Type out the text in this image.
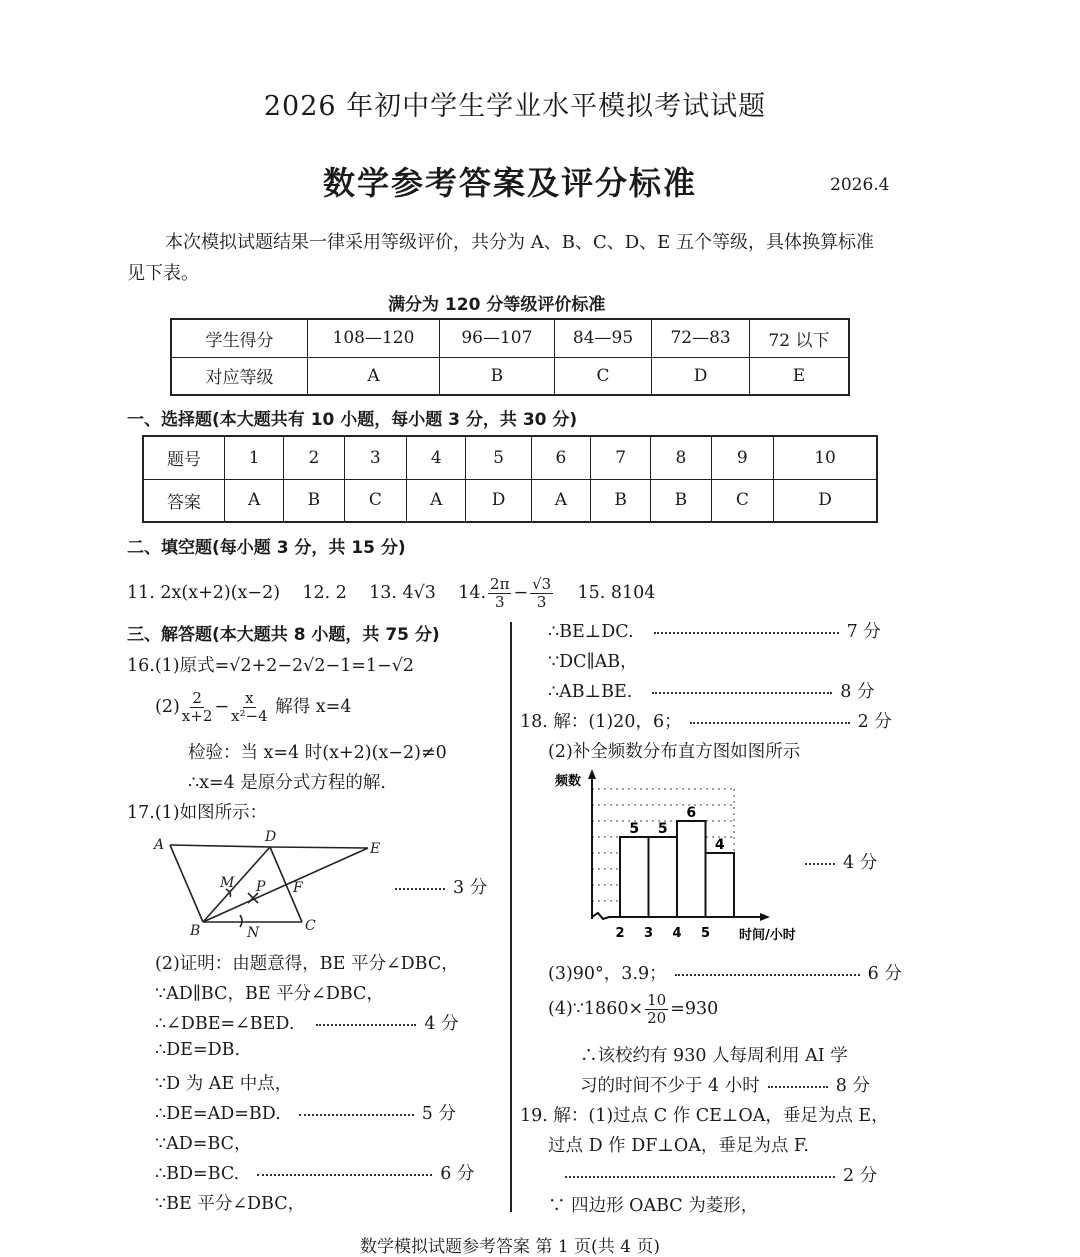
2026 年初中学生学业水平模拟考试试题
数学参考答案及评分标准	2026.4
本次模拟试题结果一律采用等级评价，共分为 A、B、C、D、E 五个等级，具体换算标准
见下表。
满分为 120 分等级评价标准
学生得分	108—120	96—107	84—95	72—83	72 以下
对应等级	A	B	C	D	E
一、选择题(本大题共有 10 小题，每小题 3 分，共 30 分)
题号	1	2	3	4	5	6	7	8	9	10
答案	A	B	C	A	D	A	B	B	C	D
二、填空题(每小题 3 分，共 15 分)
11. 2x(x+2)(x−2) 12. 2 13. 4√3 14. $\frac{2\pi}{3} - \frac{√3}{3} 15$. 8104
三、解答题(本大题共 8 小题，共 75 分)
16.(1)原式=√2+2−2√2−1=1−√2
$(2) \frac{2}{x+2} - \frac{x}{\text{x²−4}}$ 解得 x=4
检验：当 x=4 时(x+2)(x−2)≠0
∴x=4 是原分式方程的解.
17.(1)如图所示：
A	D
E
B	C
F
M
N
P	3 分
(2)证明：由题意得，BE 平分∠DBC，
∵AD∥BC，BE 平分∠DBC，
∴∠DBE=∠BED.	4 分
∴DE=DB.
∵D 为 AE 中点，
∴DE=AD=BD.	5 分
∵AD=BC，
∴BD=BC.	6 分
∵BE 平分∠DBC，
∴BE⊥DC.	7 分
∵DC∥AB，
∴AB⊥BE.	8 分
18. 解：(1)20，6；	2 分
(2)补全频数分布直方图如图所示
5
2
5
3
6
4
4
5
频数
时间/小时
4 分
(3)90°，3.9；	6 分
(4)∵1860× $\frac{10}{20} =930$
∴该校约有 930 人每周利用 AI 学
习的时间不少于 4 小时	8 分
19. 解：(1)过点 C 作 CE⊥OA，垂足为点 E，
过点 D 作 DF⊥OA，垂足为点 F.
2 分
∵ 四边形 OABC 为菱形，
数学模拟试题参考答案 第 1 页(共 4 页)
